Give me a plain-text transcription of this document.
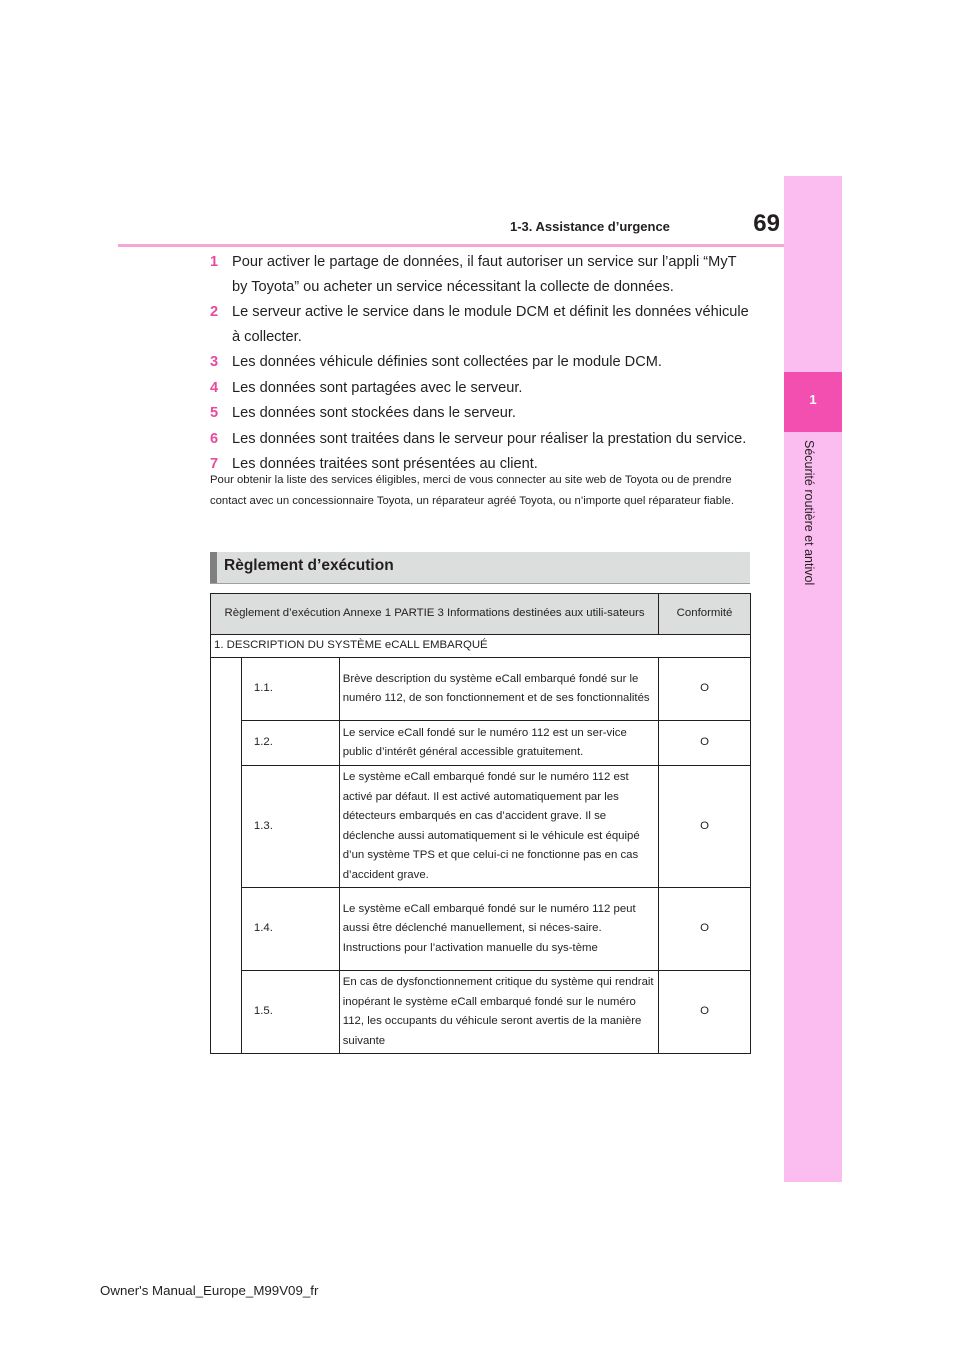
1
Sécurité routière et antivol
69
1-3. Assistance d’urgence
1 Pour activer le partage de données, il faut autoriser un service sur l’appli “MyT by Toyota” ou acheter un service nécessitant la collecte de données.
2 Le serveur active le service dans le module DCM et définit les données véhicule à collecter.
3 Les données véhicule définies sont collectées par le module DCM.
4 Les données sont partagées avec le serveur.
5 Les données sont stockées dans le serveur.
6 Les données sont traitées dans le serveur pour réaliser la prestation du service.
7 Les données traitées sont présentées au client.
Pour obtenir la liste des services éligibles, merci de vous connecter au site web de Toyota ou de prendre contact avec un concessionnaire Toyota, un réparateur agréé Toyota, ou n’importe quel réparateur fiable.
Règlement d’exécution
Règlement d’exécution Annexe 1 PARTIE 3 Informations destinées aux utili-sateurs			Conformité
1. DESCRIPTION DU SYSTÈME eCALL EMBARQUÉ			
	1.1.	Brève description du système eCall embarqué fondé sur le numéro 112, de son fonctionnement et de ses fonctionnalités	O
	1.2.	Le service eCall fondé sur le numéro 112 est un ser-vice public d’intérêt général accessible gratuitement.	O
	1.3.	Le système eCall embarqué fondé sur le numéro 112 est activé par défaut. Il est activé automatiquement par les détecteurs embarqués en cas d’accident grave. Il se déclenche aussi automatiquement si le véhicule est équipé d’un système TPS et que celui-ci ne fonctionne pas en cas d’accident grave.	O
	1.4.	Le système eCall embarqué fondé sur le numéro 112 peut aussi être déclenché manuellement, si néces-saire. Instructions pour l’activation manuelle du sys-tème	O
	1.5.	En cas de dysfonctionnement critique du système qui rendrait inopérant le système eCall embarqué fondé sur le numéro 112, les occupants du véhicule seront avertis de la manière suivante	O
Owner's Manual_Europe_M99V09_fr
